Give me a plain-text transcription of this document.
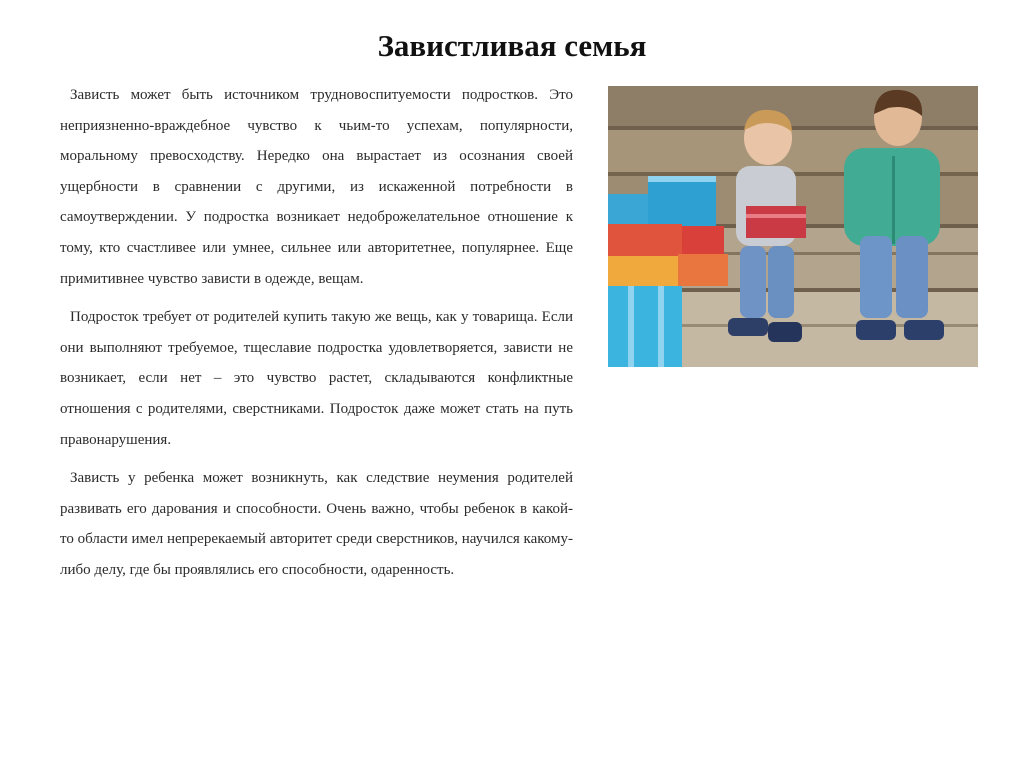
Завистливая семья

Зависть может быть источником трудновоспитуемости подростков. Это неприязненно-враждебное чувство к чьим-то успехам, популярности, моральному превосходству. Нередко она вырастает из осознания своей ущербности в сравнении с другими, из искаженной потребности в самоутверждении. У подростка возникает недоброжелательное отношение к тому, кто счастливее или умнее, сильнее или авторитетнее, популярнее. Еще примитивнее чувство зависти в одежде, вещам.

Подросток требует от родителей купить такую же вещь, как у товарища. Если они выполняют требуемое, тщеславие подростка удовлетворяется, зависти не возникает, если нет – это чувство растет, складываются конфликтные отношения с родителями, сверстниками. Подросток даже может стать на путь правонарушения.

Зависть у ребенка может возникнуть, как следствие неумения родителей развивать его дарования и способности. Очень важно, чтобы ребенок в какой-то области имел непререкаемый авторитет среди сверстников, научился какому-либо делу, где бы проявлялись его способности, одаренность.
